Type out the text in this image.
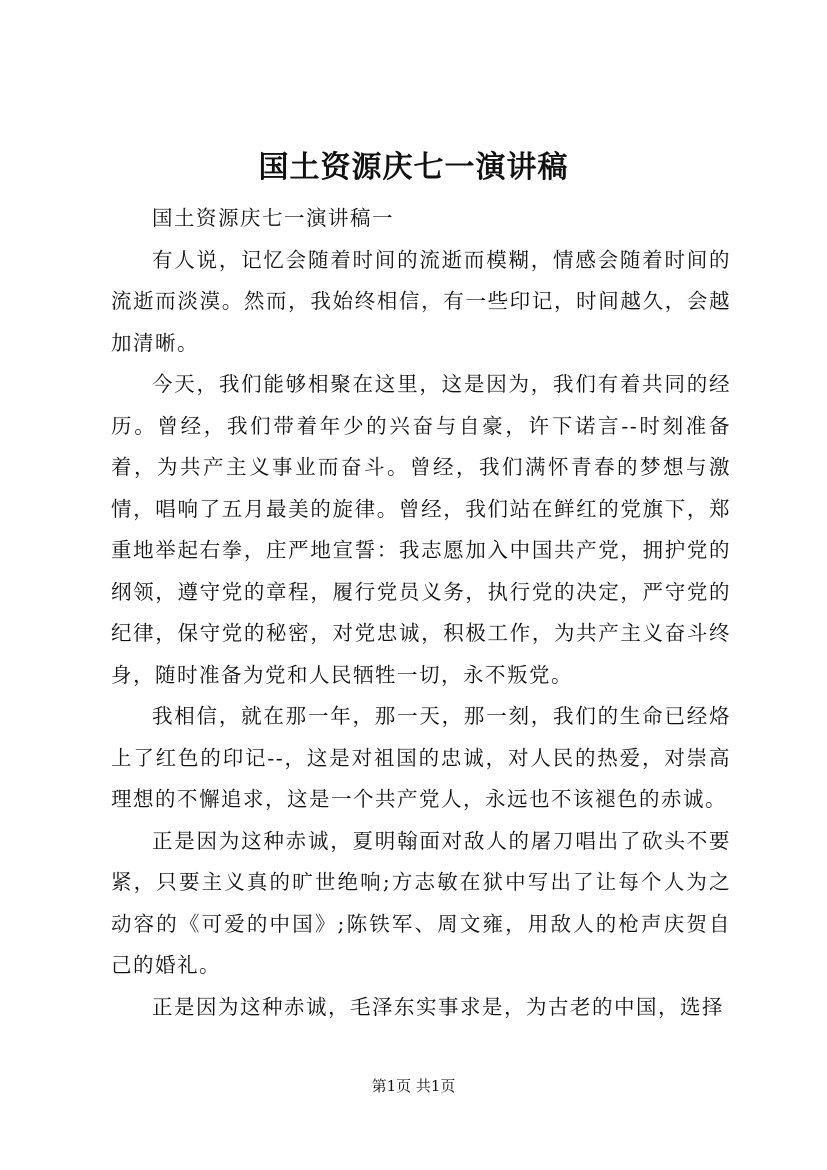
国土资源庆七一演讲稿

国土资源庆七一演讲稿一

有人说，记忆会随着时间的流逝而模糊，情感会随着时间的流逝而淡漠。然而，我始终相信，有一些印记，时间越久，会越加清晰。

今天，我们能够相聚在这里，这是因为，我们有着共同的经历。曾经，我们带着年少的兴奋与自豪，许下诺言--时刻准备着，为共产主义事业而奋斗。曾经，我们满怀青春的梦想与激情，唱响了五月最美的旋律。曾经，我们站在鲜红的党旗下，郑重地举起右拳，庄严地宣誓：我志愿加入中国共产党，拥护党的纲领，遵守党的章程，履行党员义务，执行党的决定，严守党的纪律，保守党的秘密，对党忠诚，积极工作，为共产主义奋斗终身，随时准备为党和人民牺牲一切，永不叛党。

我相信，就在那一年，那一天，那一刻，我们的生命已经烙上了红色的印记--，这是对祖国的忠诚，对人民的热爱，对崇高理想的不懈追求，这是一个共产党人，永远也不该褪色的赤诚。

正是因为这种赤诚，夏明翰面对敌人的屠刀唱出了砍头不要紧，只要主义真的旷世绝响;方志敏在狱中写出了让每个人为之动容的《可爱的中国》;陈铁军、周文雍，用敌人的枪声庆贺自己的婚礼。

正是因为这种赤诚，毛泽东实事求是，为古老的中国，选择

第1页 共1页
